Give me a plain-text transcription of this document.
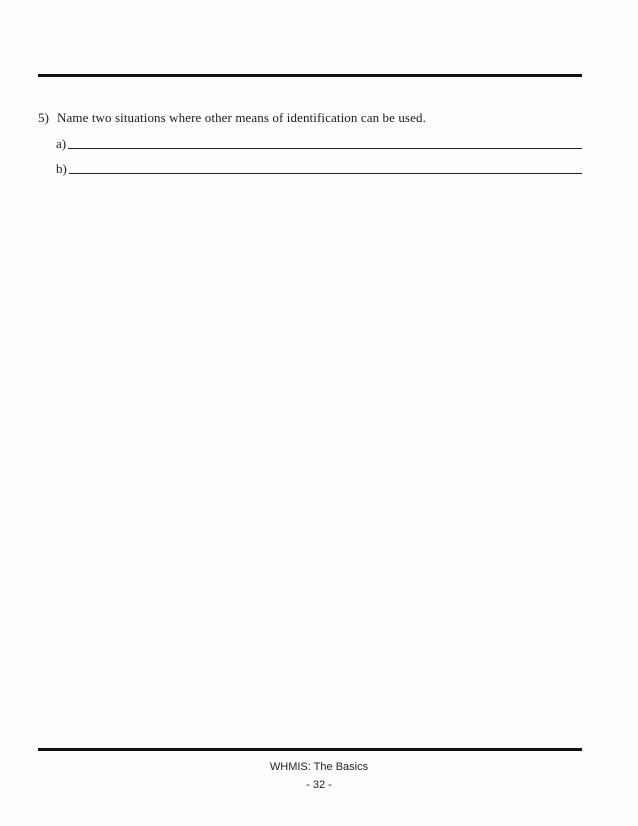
5) Name two situations where other means of identification can be used.
a)
b)
WHMIS: The Basics
- 32 -
